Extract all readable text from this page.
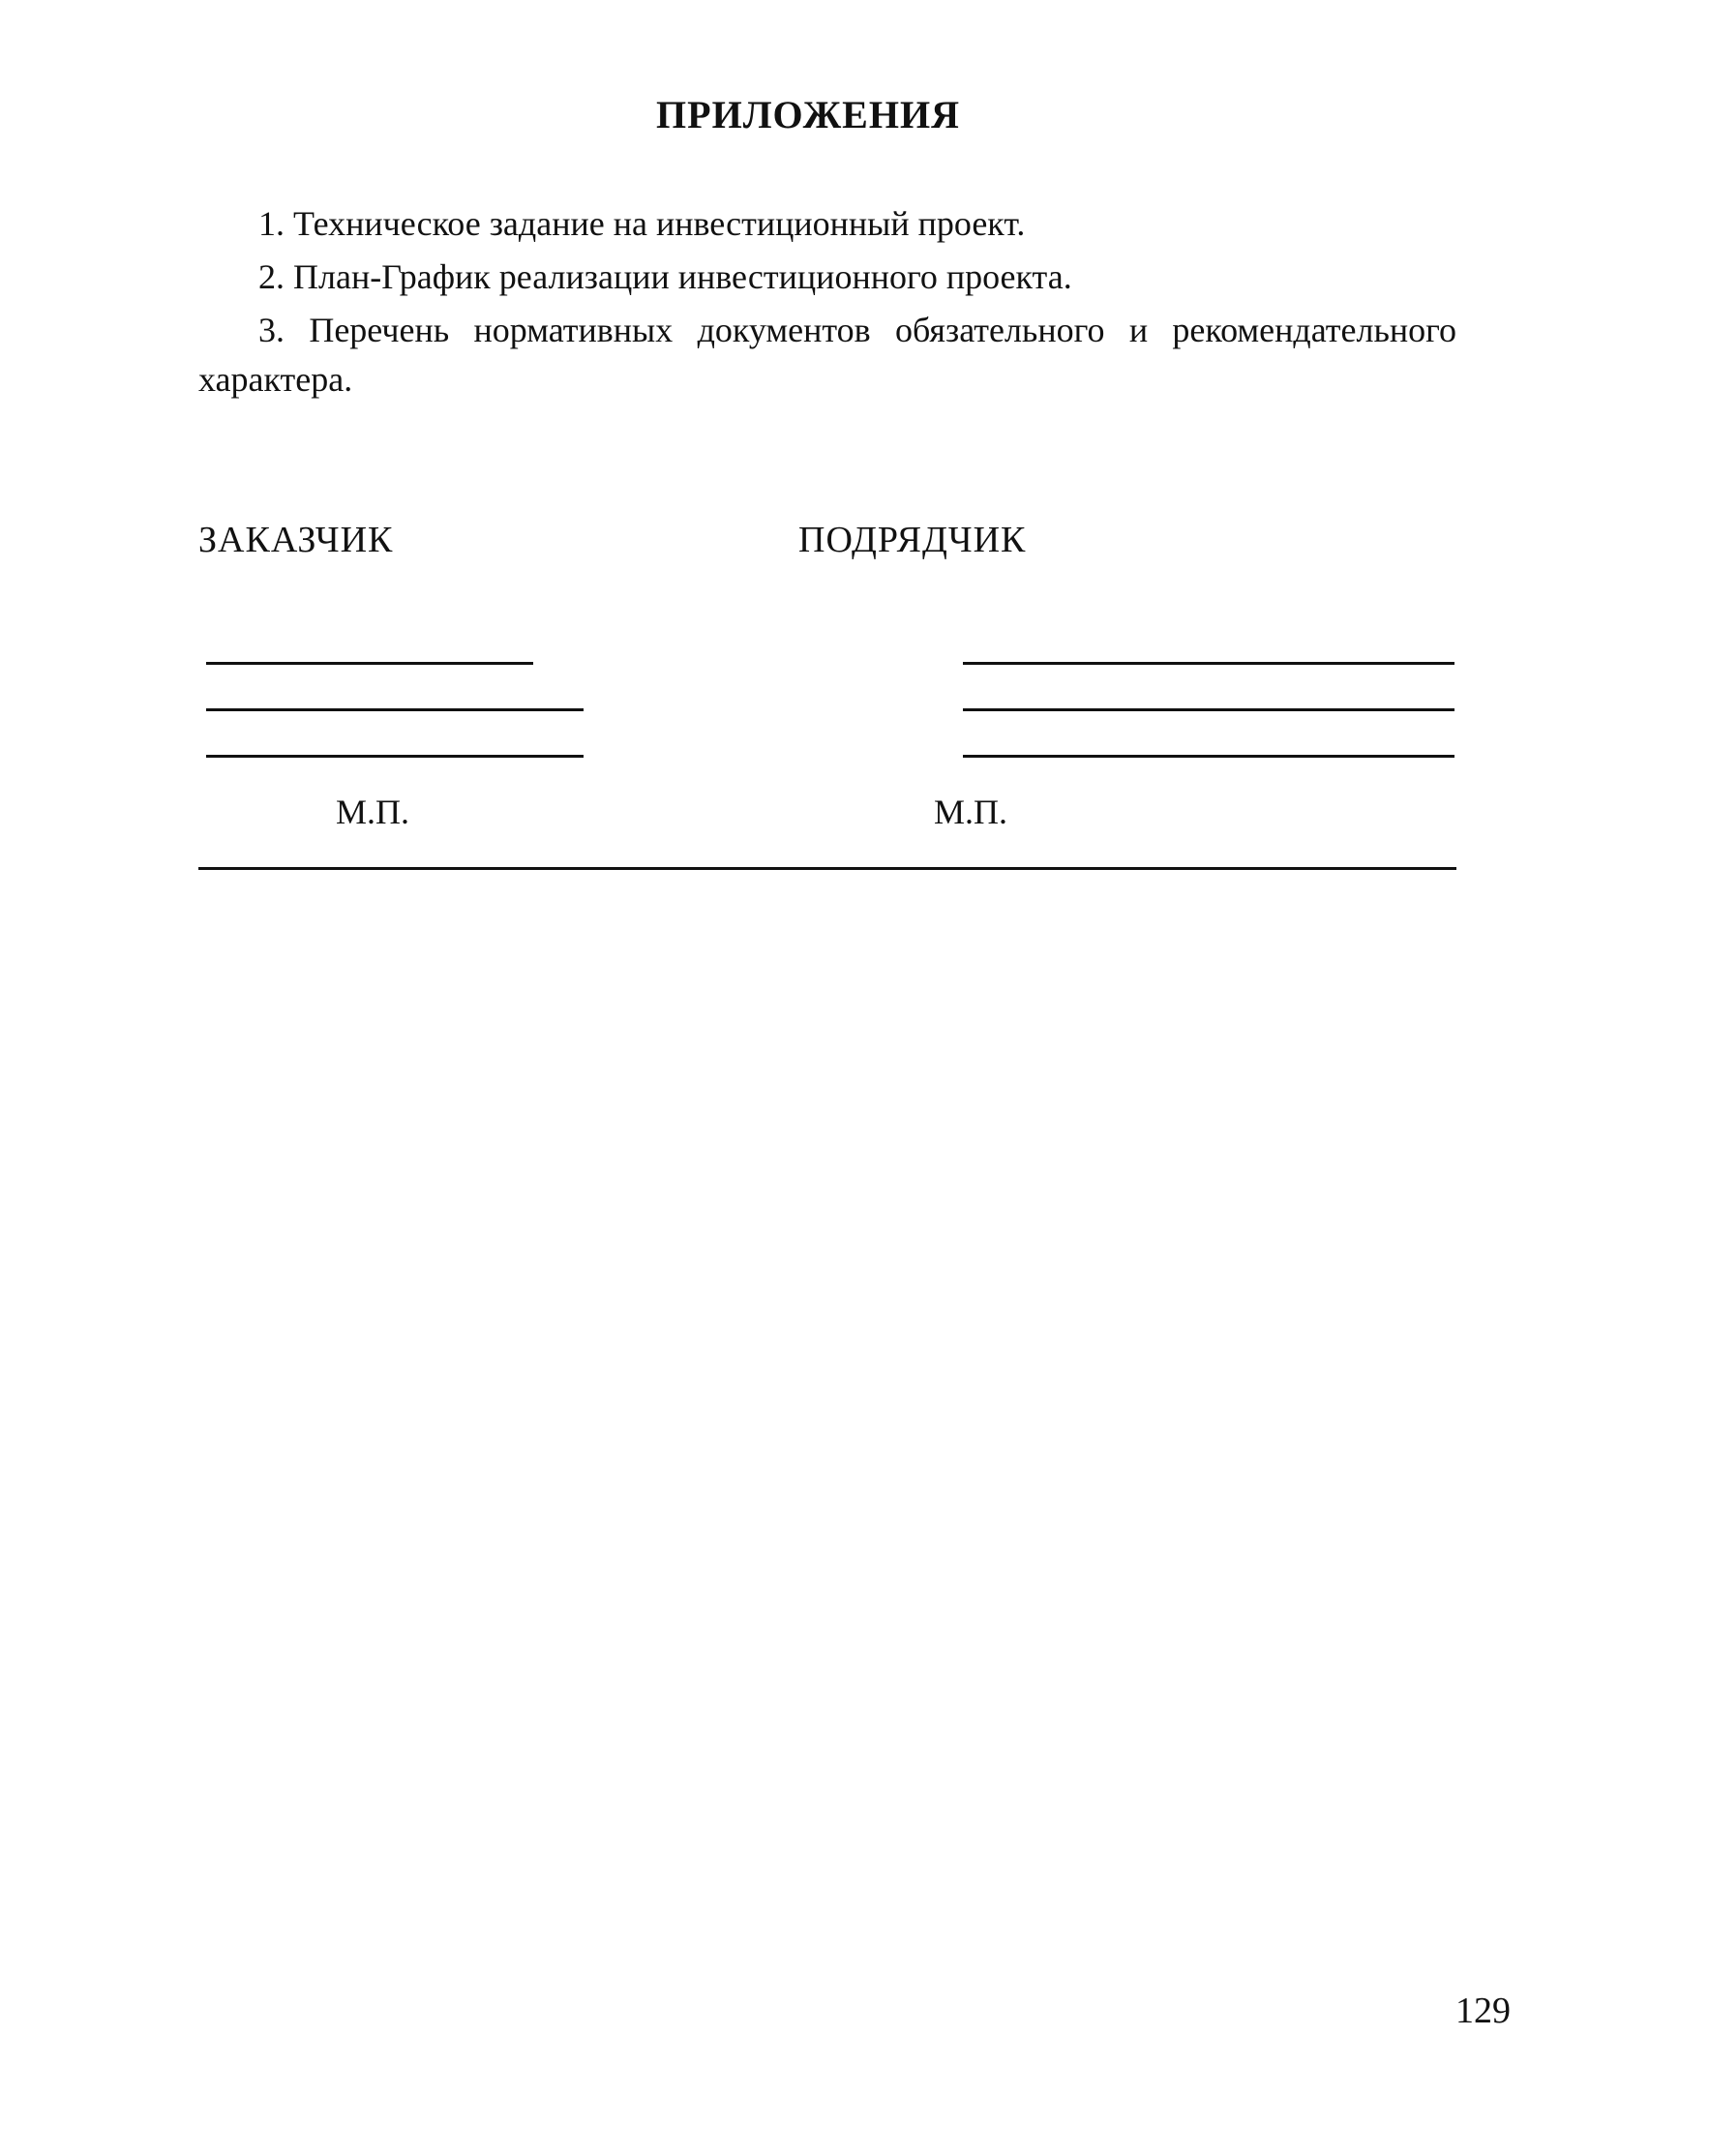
ПРИЛОЖЕНИЯ

1. Техническое задание на инвестиционный проект.

2. План-График реализации инвестиционного проекта.

3. Перечень нормативных документов обязательного и рекомендательного характера.

ЗАКАЗЧИК	ПОДРЯДЧИК
М.П.	М.П.
129
